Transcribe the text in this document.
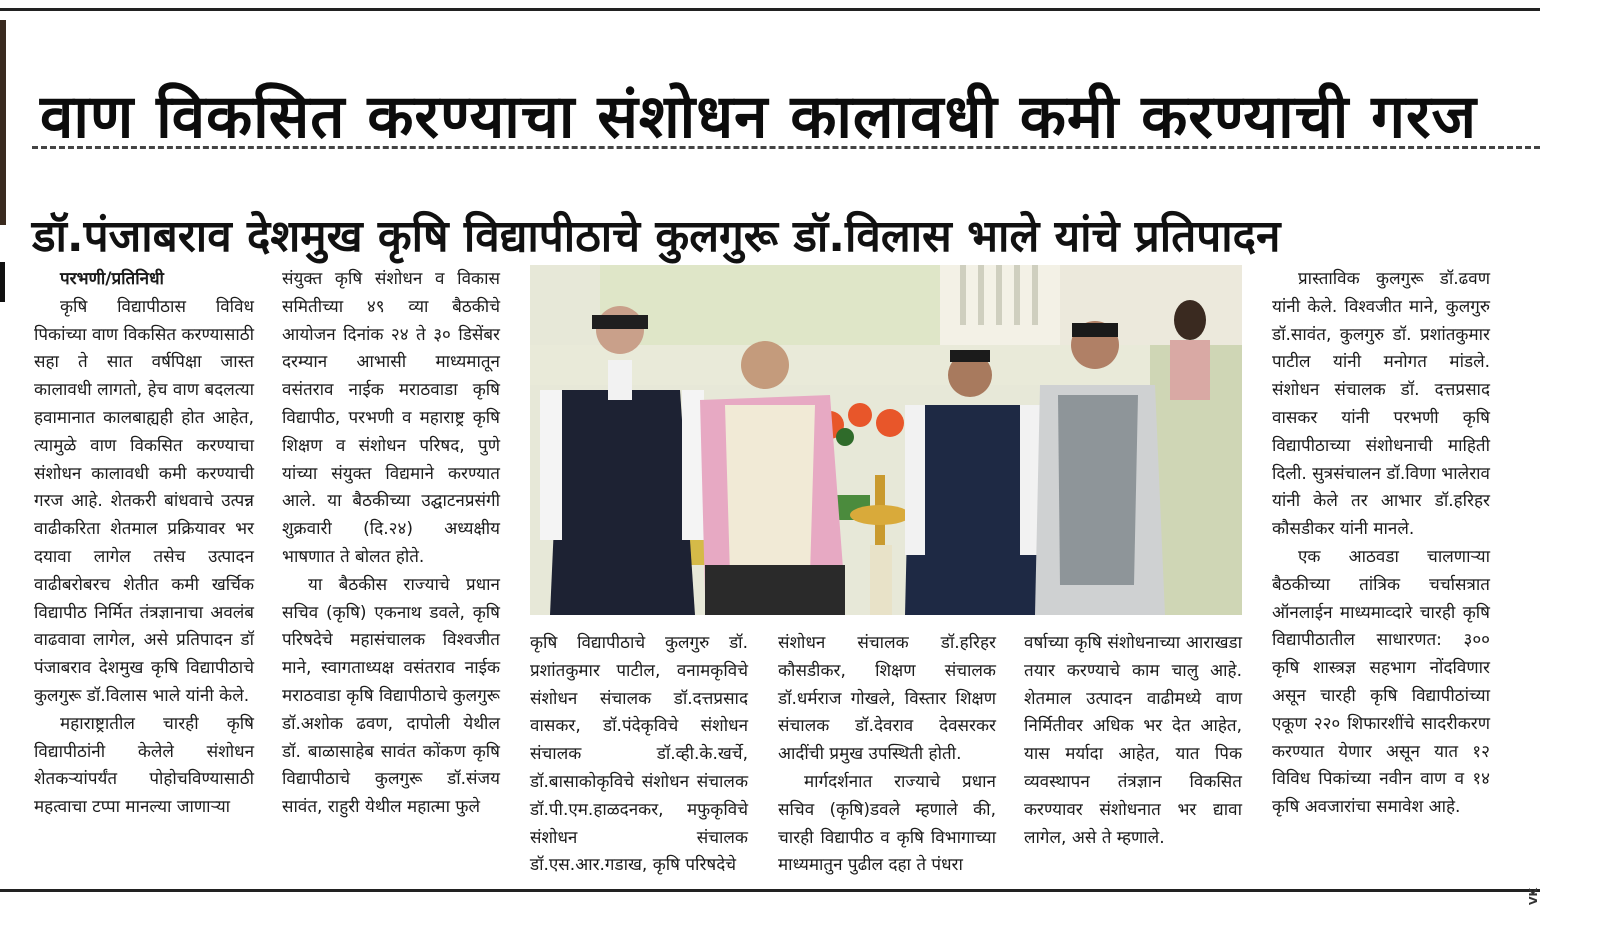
वाण विकसित करण्याचा संशोधन कालावधी कमी करण्याची गरज
डॉ.पंजाबराव देशमुख कृषि विद्यापीठाचे कुलगुरू डॉ.विलास भाले यांचे प्रतिपादन
परभणी/प्रतिनिधी

कृषि विद्यापीठास विविध पिकांच्या वाण विकसित करण्यासाठी सहा ते सात वर्षपिक्षा जास्त कालावधी लागतो, हेच वाण बदलत्या हवामानात कालबाह्यही होत आहेत, त्यामुळे वाण विकसित करण्याचा संशोधन कालावधी कमी करण्याची गरज आहे. शेतकरी बांधवाचे उत्पन्न वाढीकरिता शेतमाल प्रक्रियावर भर दयावा लागेल तसेच उत्पादन वाढीबरोबरच शेतीत कमी खर्चिक विद्यापीठ निर्मित तंत्रज्ञानाचा अवलंब वाढवावा लागेल, असे प्रतिपादन डॉ पंजाबराव देशमुख कृषि विद्यापीठाचे कुलगुरू डॉ.विलास भाले यांनी केले.

महाराष्ट्रातील चारही कृषि विद्यापीठांनी केलेले संशोधन शेतकर्‍यांपर्यंत पोहोचविण्यासाठी महत्वाचा टप्पा मानल्या जाणाऱ्या

संयुक्त कृषि संशोधन व विकास समितीच्या ४९ व्या बैठकीचे आयोजन दिनांक २४ ते ३० डिसेंबर दरम्यान आभासी माध्यमातून वसंतराव नाईक मराठवाडा कृषि विद्यापीठ, परभणी व महाराष्ट्र कृषि शिक्षण व संशोधन परिषद, पुणे यांच्या संयुक्त विद्यमाने करण्यात आले. या बैठकीच्या उद्घाटनप्रसंगी शुक्रवारी (दि.२४) अध्यक्षीय भाषणात ते बोलत होते.

या बैठकीस राज्याचे प्रधान सचिव (कृषि) एकनाथ डवले, कृषि परिषदेचे महासंचालक विश्वजीत माने, स्वागताध्यक्ष वसंतराव नाईक मराठवाडा कृषि विद्यापीठाचे कुलगुरू डॉ.अशोक ढवण, दापोली येथील डॉ. बाळासाहेब सावंत कोंकण कृषि विद्यापीठाचे कुलगुरू डॉ.संजय सावंत, राहुरी येथील महात्मा फुले

कृषि विद्यापीठाचे कुलगुरु डॉ. प्रशांतकुमार पाटील, वनामकृविचे संशोधन संचालक डॉ.दत्तप्रसाद वासकर, डॉ.पंदेकृविचे संशोधन संचालक डॉ.व्ही.के.खर्चे, डॉ.बासाकोकृविचे संशोधन संचालक डॉ.पी.एम.हाळदनकर, मफुकृविचे संशोधन संचालक डॉ.एस.आर.गडाख, कृषि परिषदेचे

संशोधन संचालक डॉ.हरिहर कौसडीकर, शिक्षण संचालक डॉ.धर्मराज गोखले, विस्तार शिक्षण संचालक डॉ.देवराव देवसरकर आदींची प्रमुख उपस्थिती होती.

मार्गदर्शनात राज्याचे प्रधान सचिव (कृषि)डवले म्हणाले की, चारही विद्यापीठ व कृषि विभागाच्या माध्यमातुन पुढील दहा ते पंधरा

वर्षाच्या कृषि संशोधनाच्या आराखडा तयार करण्याचे काम चालु आहे. शेतमाल उत्पादन वाढीमध्ये वाण निर्मितीवर अधिक भर देत आहेत, यास मर्यादा आहेत, यात पिक व्यवस्थापन तंत्रज्ञान विकसित करण्यावर संशोधनात भर द्यावा लागेल, असे ते म्हणाले.

प्रास्ताविक कुलगुरू डॉ.ढवण यांनी केले. विश्वजीत माने, कुलगुरु डॉ.सावंत, कुलगुरु डॉ. प्रशांतकुमार पाटील यांनी मनोगत मांडले. संशोधन संचालक डॉ. दत्तप्रसाद वासकर यांनी परभणी कृषि विद्यापीठाच्या संशोधनाची माहिती दिली. सुत्रसंचालन डॉ.विणा भालेराव यांनी केले तर आभार डॉ.हरिहर कौसडीकर यांनी मानले.

एक आठवडा चालणाऱ्या बैठकीच्या तांत्रिक चर्चासत्रात ऑनलाईन माध्यमाव्दारे चारही कृषि विद्यापीठातील साधारणत: ३०० कृषि शास्त्रज्ञ सहभाग नोंदविणार असून चारही कृषि विद्यापीठांच्या एकूण २२० शिफारशींचे सादरीकरण करण्यात येणार असून यात १२ विविध पिकांच्या नवीन वाण व १४ कृषि अवजारांचा समावेश आहे.

VK
